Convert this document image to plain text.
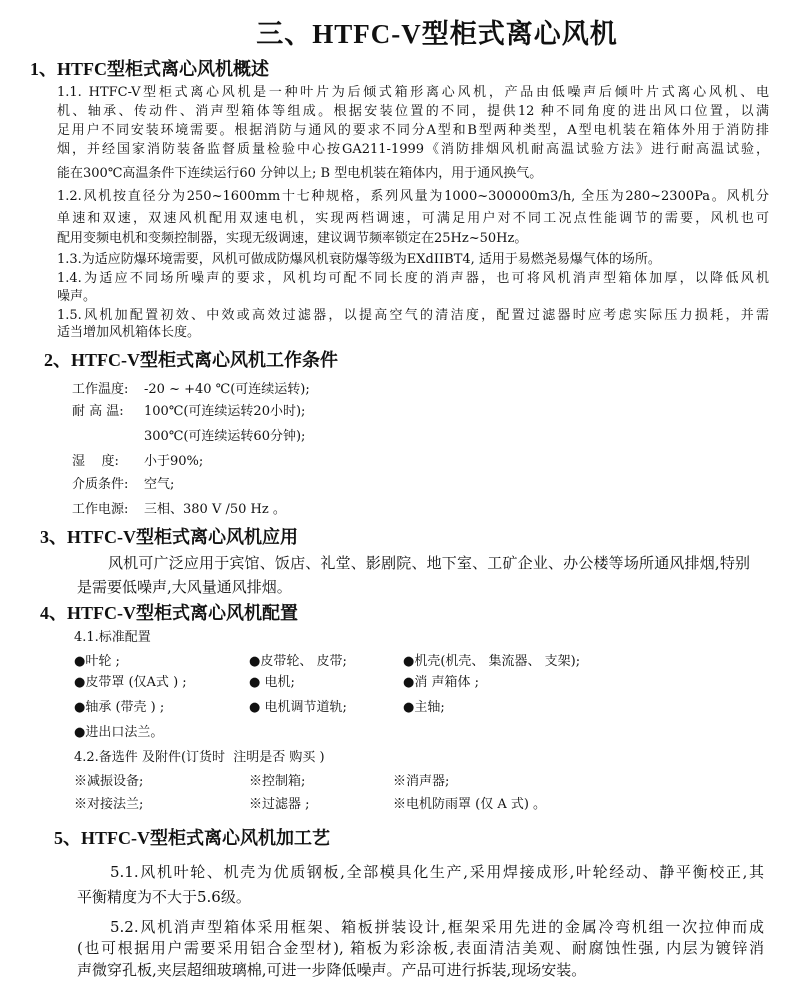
三、HTFC-V型柜式离心风机
1、HTFC型柜式离心风机概述
1.1. HTFC-V型柜式离心风机是一种叶片为后倾式箱形离心风机，产品由低噪声后倾叶片式离心风机、电
机、轴承、传动件、消声型箱体等组成。根据安装位置的不同，提供12 种不同角度的进出风口位置，以满
足用户不同安装环境需要。根据消防与通风的要求不同分A型和B型两种类型，A型电机装在箱体外用于消防排
烟，并经国家消防装备监督质量检验中心按GA211-1999《消防排烟风机耐高温试验方法》进行耐高温试验，
能在300℃高温条件下连续运行60 分钟以上; B 型电机装在箱体内，用于通风换气。
1.2.风机按直径分为250~1600mm十七种规格，系列风量为1000~300000m3/h, 全压为280~2300Pa。风机分
单速和双速，双速风机配用双速电机，实现两档调速，可满足用户对不同工况点性能调节的需要，风机也可
配用变频电机和变频控制器，实现无级调速，建议调节频率锁定在25Hz~50Hz。
1.3.为适应防爆环境需要，风机可做成防爆风机衰防爆等级为EXdIIBT4, 适用于易燃尧易爆气体的场所。
1.4.为适应不同场所噪声的要求，风机均可配不同长度的消声器，也可将风机消声型箱体加厚，以降低风机
噪声。
1.5.风机加配置初效、中效或高效过滤器，以提高空气的清洁度，配置过滤器时应考虑实际压力损耗，并需
适当增加风机箱体长度。
2、HTFC-V型柜式离心风机工作条件
工作温度: -20 ~ +40 ℃(可连续运转);
耐 高 温: 100℃(可连续运转20小时);
300℃(可连续运转60分钟);
湿    度: 小于90%;
介质条件: 空气;
工作电源: 三相、380 V /50 Hz 。
3、HTFC-V型柜式离心风机应用
风机可广泛应用于宾馆、饭店、礼堂、影剧院、地下室、工矿企业、办公楼等场所通风排烟,特别
是需要低噪声,大风量通风排烟。
4、HTFC-V型柜式离心风机配置
4.1.标准配置
●叶轮 ;	●皮带轮、 皮带;	●机壳(机壳、 集流器、 支架);
●皮带罩 (仅A式 ) ;	● 电机;	●消 声箱体 ;
●轴承 (带壳 ) ;	● 电机调节道轨;	●主轴;
●进出口法兰。
4.2.备选件 及附件(订货时  注明是否 购买 )
※减振设备;	※控制箱;	※消声器;
※对接法兰;	※过滤器 ;	※电机防雨罩 (仅 A 式) 。
5、HTFC-V型柜式离心风机加工艺
5.1.风机叶轮、机壳为优质钢板,全部模具化生产,采用焊接成形,叶轮经动、静平衡校正,其
平衡精度为不大于5.6级。
5.2.风机消声型箱体采用框架、箱板拼装设计,框架采用先进的金属冷弯机组一次拉伸而成
(也可根据用户需要采用铝合金型材), 箱板为彩涂板,表面清洁美观、耐腐蚀性强, 内层为镀锌消
声微穿孔板,夹层超细玻璃棉,可进一步降低噪声。产品可进行拆装,现场安装。
